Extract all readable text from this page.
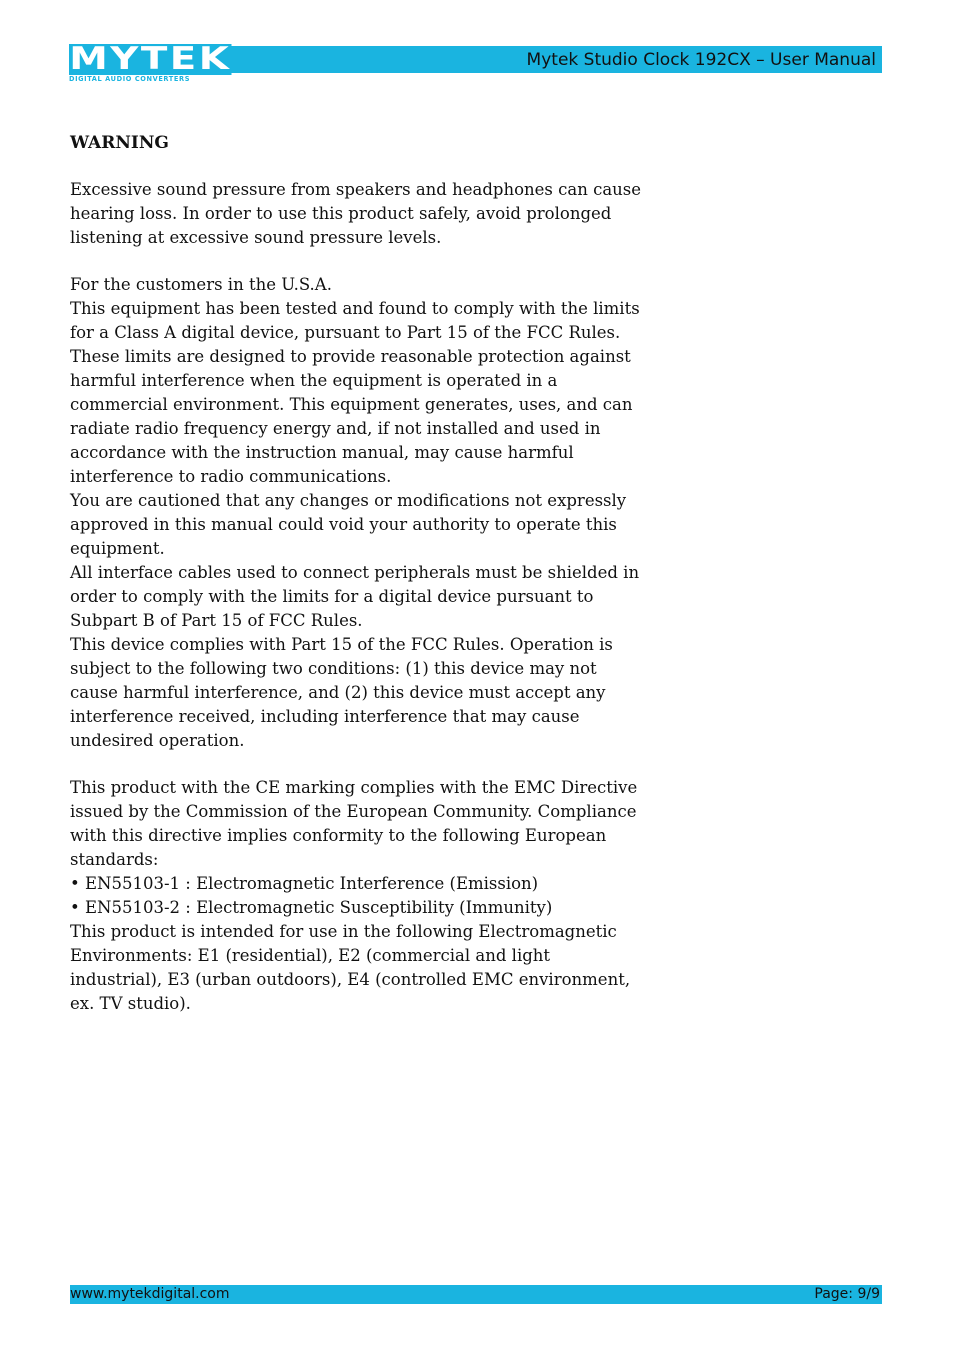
Mytek Studio Clock 192CX – User Manual
MYTEK
DIGITAL AUDIO CONVERTERS
WARNING

Excessive sound pressure from speakers and headphones can cause hearing loss. In order to use this product safely, avoid prolonged listening at excessive sound pressure levels.

For the customers in the U.S.A.

This equipment has been tested and found to comply with the limits for a Class A digital device, pursuant to Part 15 of the FCC Rules. These limits are designed to provide reasonable protection against harmful interference when the equipment is operated in a commercial environment. This equipment generates, uses, and can radiate radio frequency energy and, if not installed and used in accordance with the instruction manual, may cause harmful interference to radio communications.

You are cautioned that any changes or modifications not expressly approved in this manual could void your authority to operate this equipment.

All interface cables used to connect peripherals must be shielded in order to comply with the limits for a digital device pursuant to Subpart B of Part 15 of FCC Rules.

This device complies with Part 15 of the FCC Rules. Operation is subject to the following two conditions: (1) this device may not cause harmful interference, and (2) this device must accept any interference received, including interference that may cause undesired operation.

This product with the CE marking complies with the EMC Directive issued by the Commission of the European Community. Compliance with this directive implies conformity to the following European standards:

• EN55103-1 : Electromagnetic Interference (Emission)

• EN55103-2 : Electromagnetic Susceptibility (Immunity)

This product is intended for use in the following Electromagnetic Environments: E1 (residential), E2 (commercial and light industrial), E3 (urban outdoors), E4 (controlled EMC environment, ex. TV studio).

www.mytekdigital.com	Page: 9/9
